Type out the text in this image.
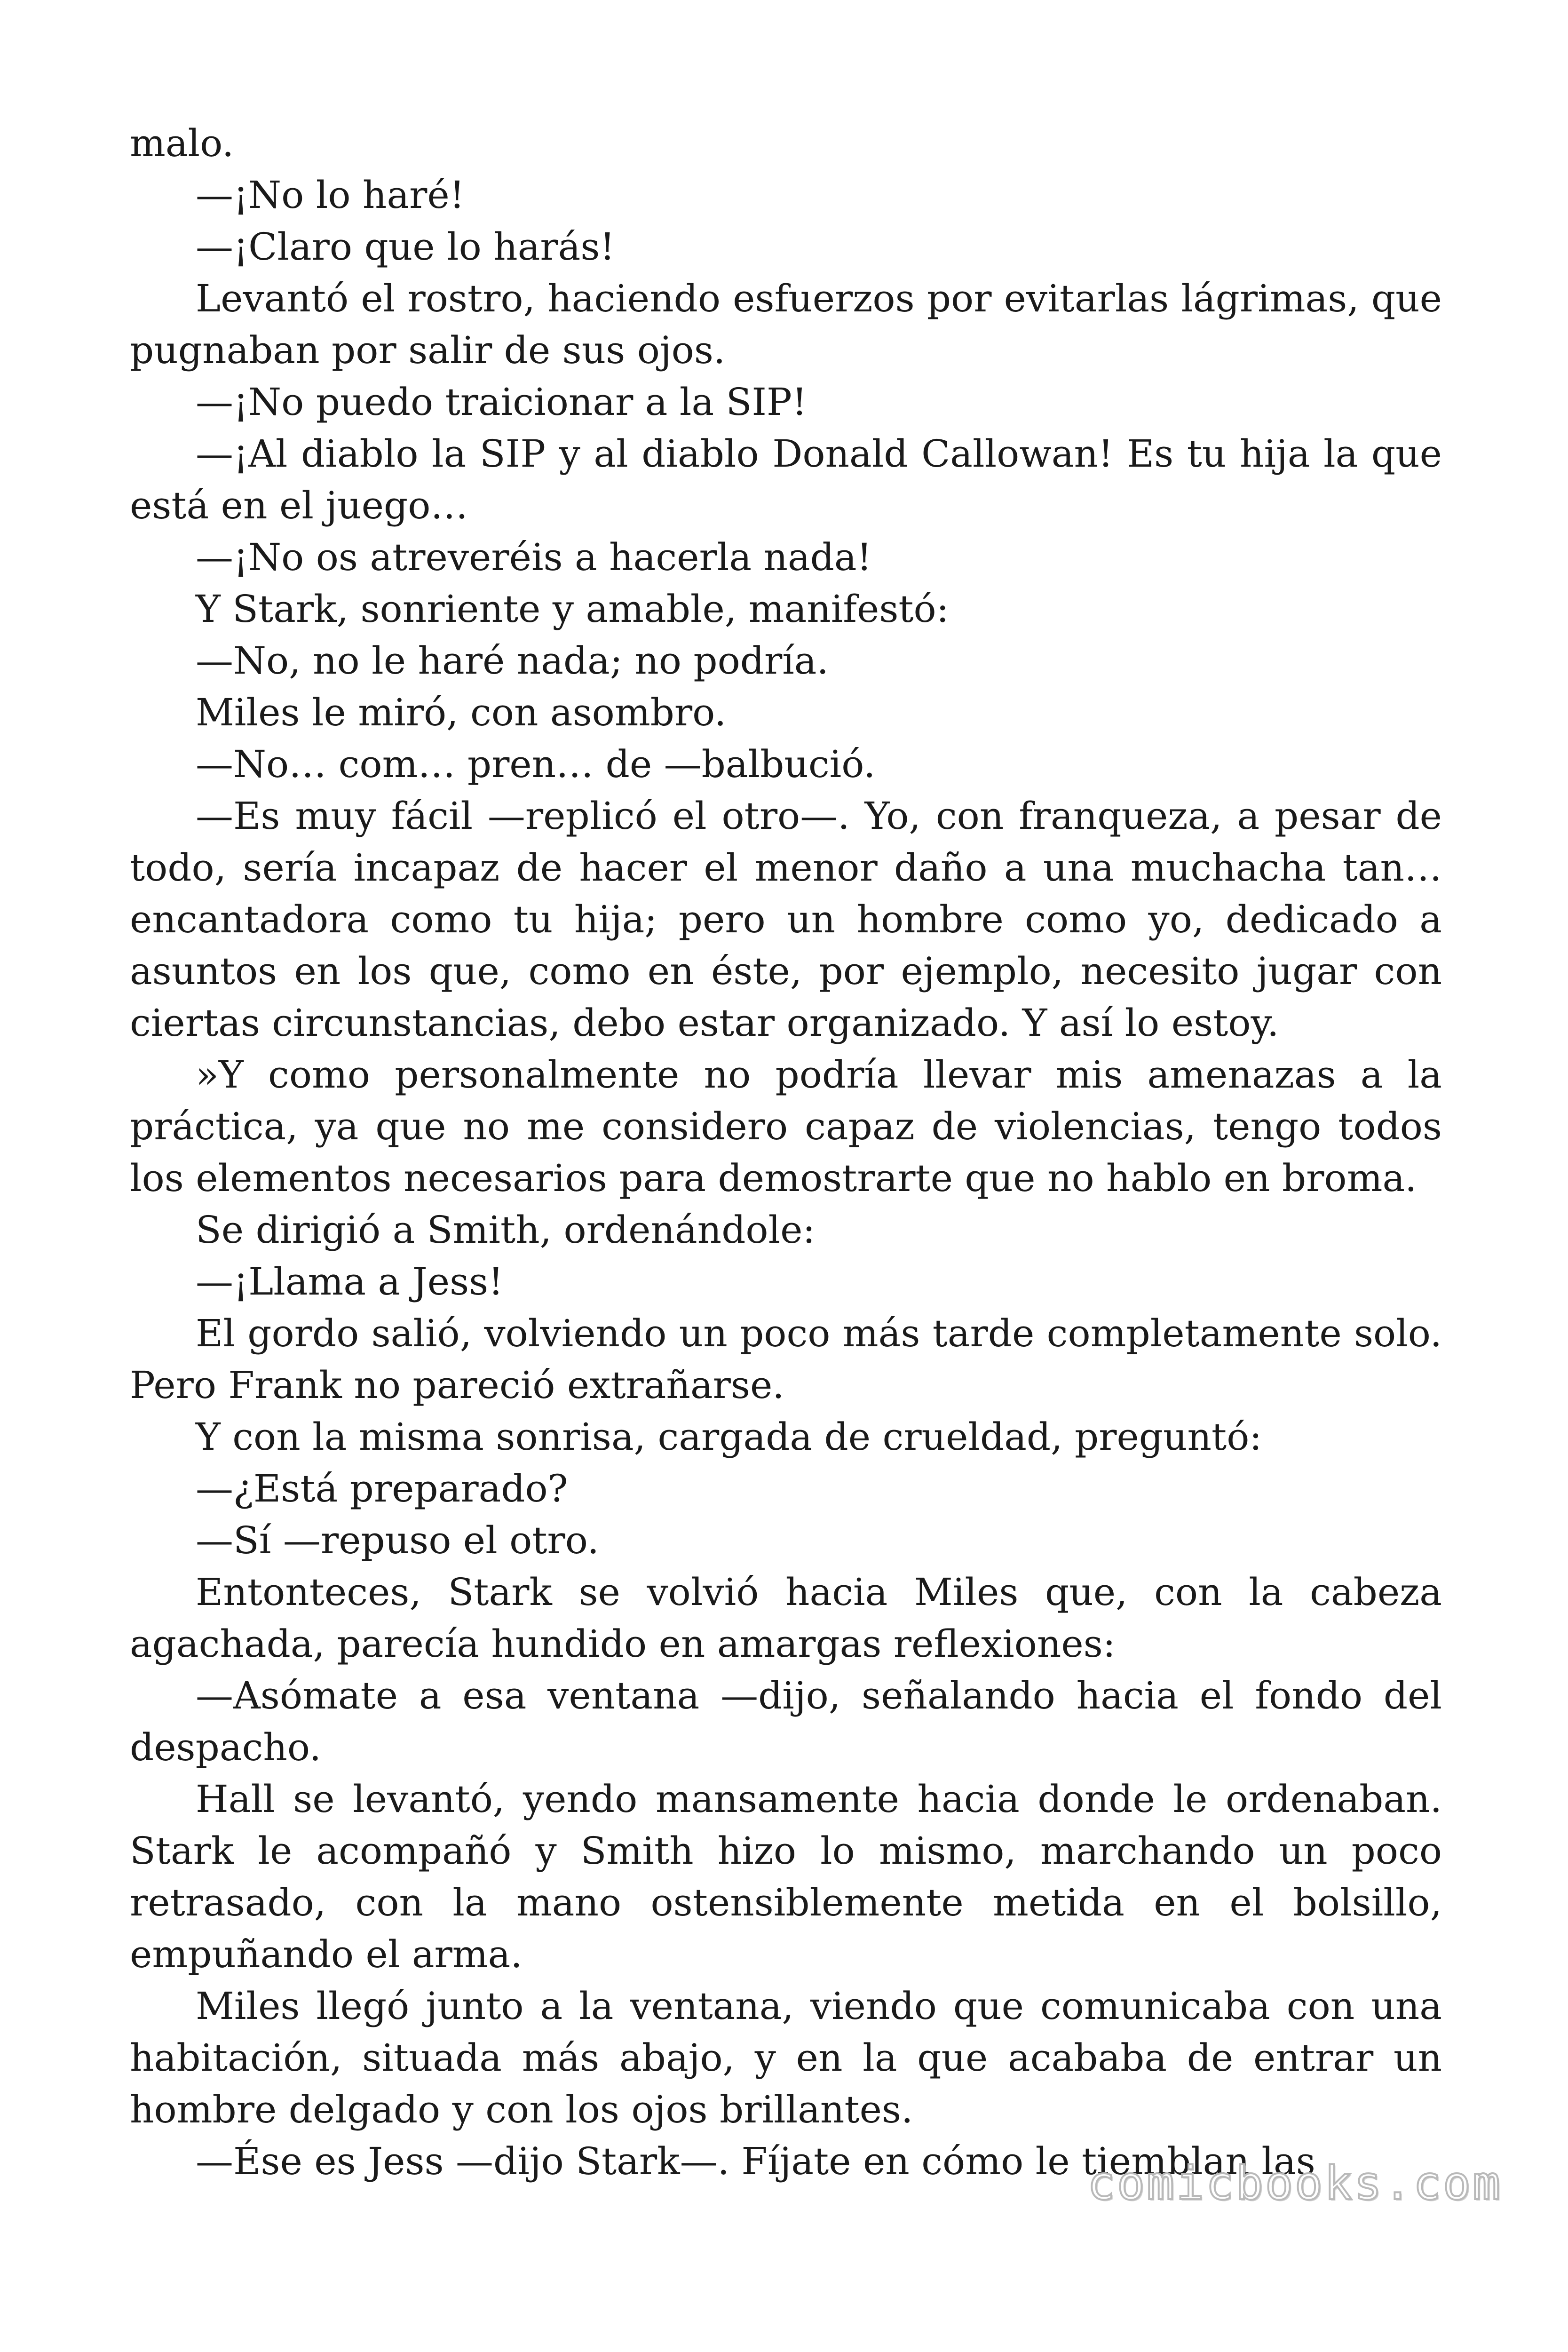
malo.

—¡No lo haré!

—¡Claro que lo harás!

Levantó el rostro, haciendo esfuerzos por evitarlas lágrimas, que pugnaban por salir de sus ojos.

—¡No puedo traicionar a la SIP!

—¡Al diablo la SIP y al diablo Donald Callowan! Es tu hija la que está en el juego…

—¡No os atreveréis a hacerla nada!

Y Stark, sonriente y amable, manifestó:

—No, no le haré nada; no podría.

Miles le miró, con asombro.

—No… com… pren… de —balbució.

—Es muy fácil —replicó el otro—. Yo, con franqueza, a pesar de todo, sería incapaz de hacer el menor daño a una muchacha tan… encantadora como tu hija; pero un hombre como yo, dedicado a asuntos en los que, como en éste, por ejemplo, necesito jugar con ciertas circunstancias, debo estar organizado. Y así lo estoy.

»Y como personalmente no podría llevar mis amenazas a la práctica, ya que no me considero capaz de violencias, tengo todos los elementos necesarios para demostrarte que no hablo en broma.

Se dirigió a Smith, ordenándole:

—¡Llama a Jess!

El gordo salió, volviendo un poco más tarde completamente solo. Pero Frank no pareció extrañarse.

Y con la misma sonrisa, cargada de crueldad, preguntó:

—¿Está preparado?

—Sí —repuso el otro.

Entonteces, Stark se volvió hacia Miles que, con la cabeza agachada, parecía hundido en amargas reflexiones:

—Asómate a esa ventana —dijo, señalando hacia el fondo del despacho.

Hall se levantó, yendo mansamente hacia donde le ordenaban. Stark le acompañó y Smith hizo lo mismo, marchando un poco retrasado, con la mano ostensiblemente metida en el bolsillo, empuñando el arma.

Miles llegó junto a la ventana, viendo que comunicaba con una habitación, situada más abajo, y en la que acababa de entrar un hombre delgado y con los ojos brillantes.

—Ése es Jess —dijo Stark—. Fíjate en cómo le tiemblan las

comicbooks.com
